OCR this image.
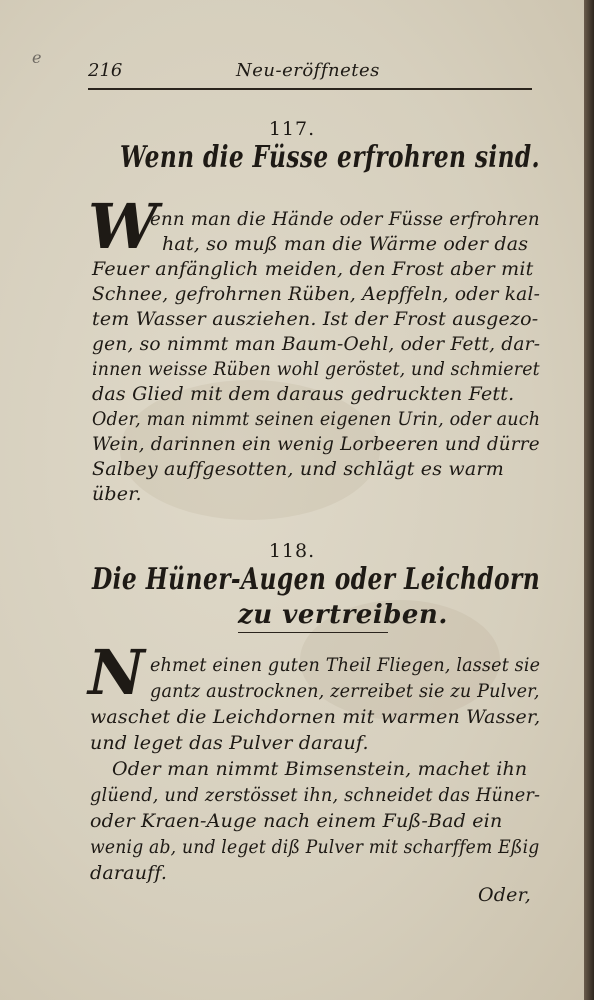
e
216	Neu-eröffnetes
117.
Wenn die Füsse erfrohren sind.
W
enn man die Hände oder Füsse erfrohren
hat, so muß man die Wärme oder das
Feuer anfänglich meiden, den Frost aber mit
Schnee, gefrohrnen Rüben, Aepffeln, oder kal-
tem Wasser ausziehen. Ist der Frost ausgezo-
gen, so nimmt man Baum-Oehl, oder Fett, dar-
innen weisse Rüben wohl geröstet, und schmieret
das Glied mit dem daraus gedruckten Fett.
Oder, man nimmt seinen eigenen Urin, oder auch
Wein, darinnen ein wenig Lorbeeren und dürre
Salbey auffgesotten, und schlägt es warm
über.
118.
Die Hüner-Augen oder Leichdorn
zu vertreiben.
N ehmet einen guten Theil Fliegen, lasset sie
gantz austrocknen, zerreibet sie zu Pulver,
waschet die Leichdornen mit warmen Wasser,
und leget das Pulver darauf.
Oder man nimmt Bimsenstein, machet ihn
glüend, und zerstösset ihn, schneidet das Hüner-
oder Kraen-Auge nach einem Fuß-Bad ein
wenig ab, und leget diß Pulver mit scharffem Eßig
darauff.
Oder,
